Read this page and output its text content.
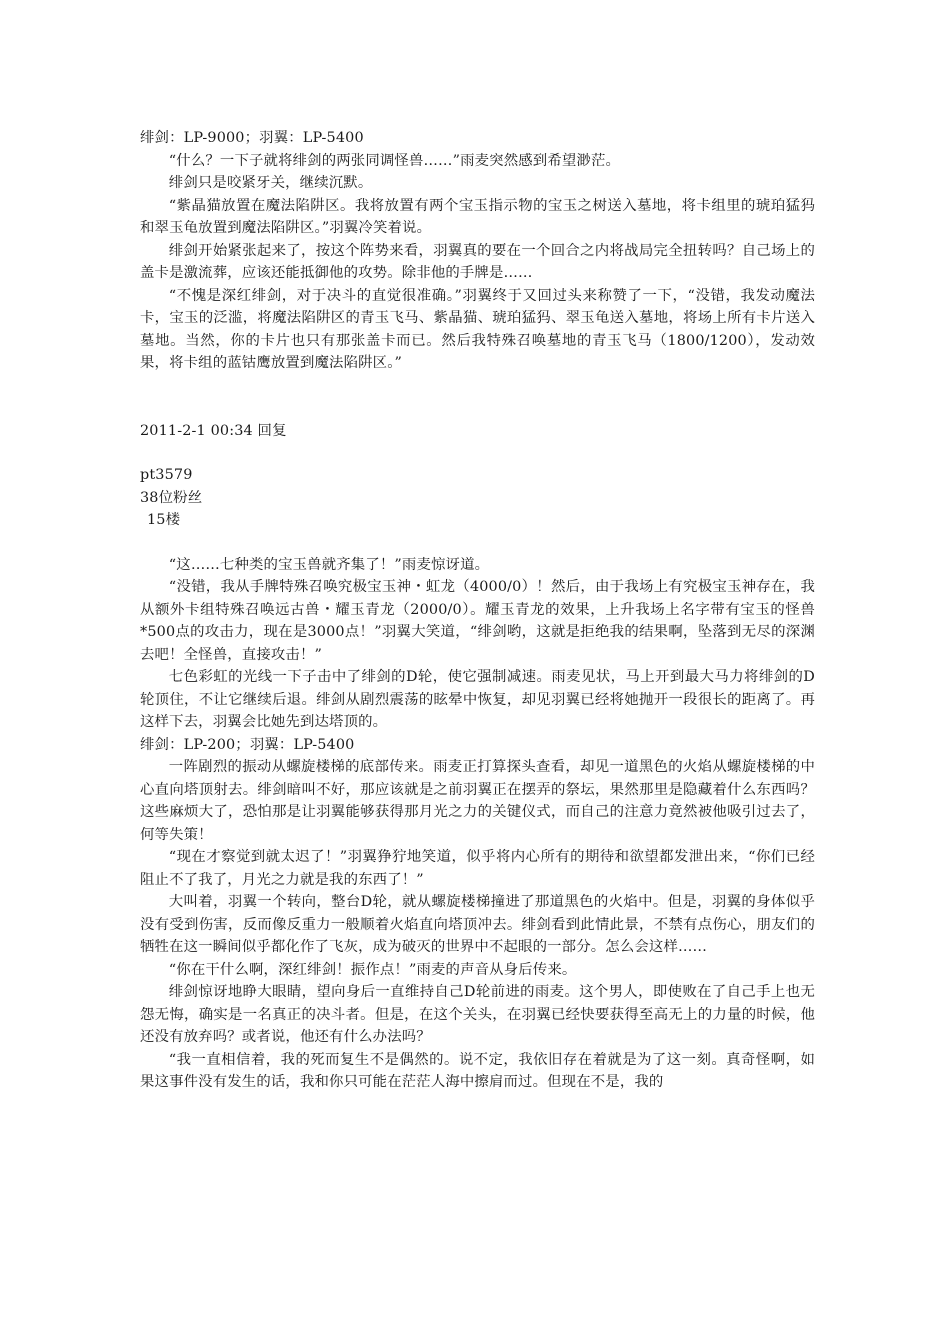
绯剑：LP-9000；羽翼：LP-5400

“什么？一下子就将绯剑的两张同调怪兽……”雨麦突然感到希望渺茫。

绯剑只是咬紧牙关，继续沉默。

“紫晶猫放置在魔法陷阱区。我将放置有两个宝玉指示物的宝玉之树送入墓地，将卡组里的琥珀猛犸和翠玉龟放置到魔法陷阱区。”羽翼冷笑着说。

绯剑开始紧张起来了，按这个阵势来看，羽翼真的要在一个回合之内将战局完全扭转吗？自己场上的盖卡是激流葬，应该还能抵御他的攻势。除非他的手牌是……

“不愧是深红绯剑，对于决斗的直觉很准确。”羽翼终于又回过头来称赞了一下，“没错，我发动魔法卡，宝玉的泛滥，将魔法陷阱区的青玉飞马、紫晶猫、琥珀猛犸、翠玉龟送入墓地，将场上所有卡片送入墓地。当然，你的卡片也只有那张盖卡而已。然后我特殊召唤墓地的青玉飞马（1800/1200），发动效果，将卡组的蓝钴鹰放置到魔法陷阱区。”

2011-2-1 00:34 回复

pt3579

38位粉丝

15楼

“这……七种类的宝玉兽就齐集了！”雨麦惊讶道。

“没错，我从手牌特殊召唤究极宝玉神・虹龙（4000/0）！然后，由于我场上有究极宝玉神存在，我从额外卡组特殊召唤远古兽・耀玉青龙（2000/0）。耀玉青龙的效果，上升我场上名字带有宝玉的怪兽*500点的攻击力，现在是3000点！”羽翼大笑道，“绯剑哟，这就是拒绝我的结果啊，坠落到无尽的深渊去吧！全怪兽，直接攻击！”

七色彩虹的光线一下子击中了绯剑的D轮，使它强制减速。雨麦见状，马上开到最大马力将绯剑的D轮顶住，不让它继续后退。绯剑从剧烈震荡的眩晕中恢复，却见羽翼已经将她抛开一段很长的距离了。再这样下去，羽翼会比她先到达塔顶的。

绯剑：LP-200；羽翼：LP-5400

一阵剧烈的振动从螺旋楼梯的底部传来。雨麦正打算探头查看，却见一道黑色的火焰从螺旋楼梯的中心直向塔顶射去。绯剑暗叫不好，那应该就是之前羽翼正在摆弄的祭坛，果然那里是隐藏着什么东西吗？这些麻烦大了，恐怕那是让羽翼能够获得那月光之力的关键仪式，而自己的注意力竟然被他吸引过去了，何等失策！

“现在才察觉到就太迟了！”羽翼狰狞地笑道，似乎将内心所有的期待和欲望都发泄出来，“你们已经阻止不了我了，月光之力就是我的东西了！”

大叫着，羽翼一个转向，整台D轮，就从螺旋楼梯撞进了那道黑色的火焰中。但是，羽翼的身体似乎没有受到伤害，反而像反重力一般顺着火焰直向塔顶冲去。绯剑看到此情此景，不禁有点伤心，朋友们的牺牲在这一瞬间似乎都化作了飞灰，成为破灭的世界中不起眼的一部分。怎么会这样……

“你在干什么啊，深红绯剑！振作点！”雨麦的声音从身后传来。

绯剑惊讶地睁大眼睛，望向身后一直维持自己D轮前进的雨麦。这个男人，即使败在了自己手上也无怨无悔，确实是一名真正的决斗者。但是，在这个关头，在羽翼已经快要获得至高无上的力量的时候，他还没有放弃吗？或者说，他还有什么办法吗？

“我一直相信着，我的死而复生不是偶然的。说不定，我依旧存在着就是为了这一刻。真奇怪啊，如果这事件没有发生的话，我和你只可能在茫茫人海中擦肩而过。但现在不是，我的
